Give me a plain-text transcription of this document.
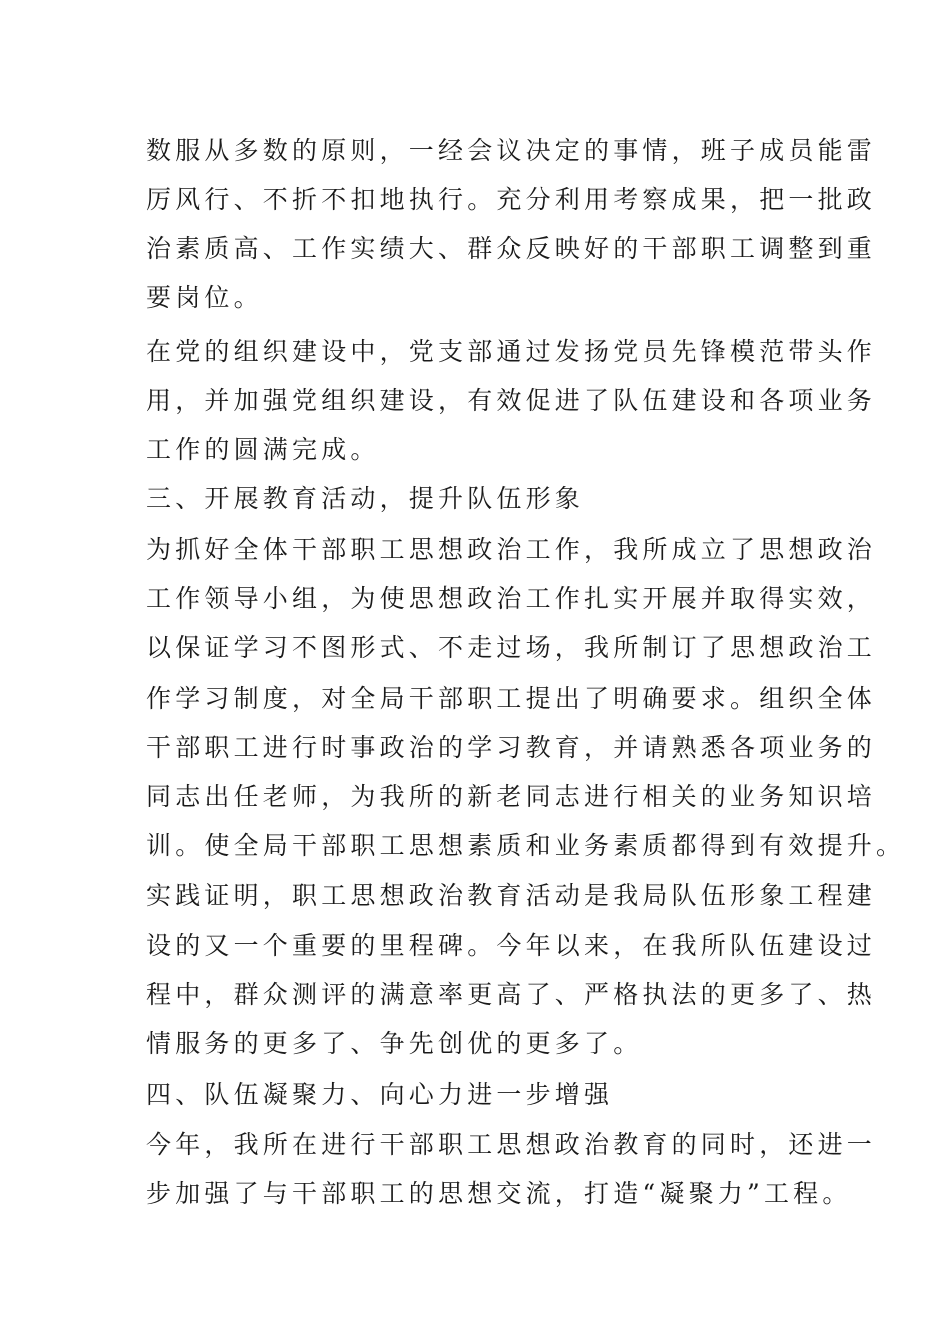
数服从多数的原则，一经会议决定的事情，班子成员能雷
厉风行、不折不扣地执行。充分利用考察成果，把一批政
治素质高、工作实绩大、群众反映好的干部职工调整到重
要岗位。
在党的组织建设中，党支部通过发扬党员先锋模范带头作
用，并加强党组织建设，有效促进了队伍建设和各项业务
工作的圆满完成。
三、开展教育活动，提升队伍形象
为抓好全体干部职工思想政治工作，我所成立了思想政治
工作领导小组，为使思想政治工作扎实开展并取得实效，
以保证学习不图形式、不走过场，我所制订了思想政治工
作学习制度，对全局干部职工提出了明确要求。组织全体
干部职工进行时事政治的学习教育，并请熟悉各项业务的
同志出任老师，为我所的新老同志进行相关的业务知识培
训。使全局干部职工思想素质和业务素质都得到有效提升。
实践证明，职工思想政治教育活动是我局队伍形象工程建
设的又一个重要的里程碑。今年以来，在我所队伍建设过
程中，群众测评的满意率更高了、严格执法的更多了、热
情服务的更多了、争先创优的更多了。
四、队伍凝聚力、向心力进一步增强
今年，我所在进行干部职工思想政治教育的同时，还进一
步加强了与干部职工的思想交流，打造“凝聚力”工程。
